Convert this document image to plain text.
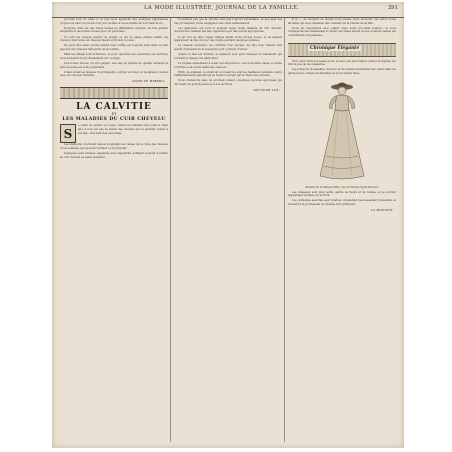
LA MODE ILLUSTRÉE, JOURNAL DE LA FAMILLE.	391

procède tout de suite à ce que nous appelons des quelques explications propres en effet ce qui est d'un jour de fête et de la toilette du soir dans la vie.

Toujours, bien sur des robes tenues de différentes couleurs, de très grande simplicité et des belles choses que l'on peut faire.

Ce sont les longues heures de plaisir, ce qui se passe chaque matin; les cheveux bien tenus en cheveux blancs et blonds le reste.

On peut dire aussi qu'une femme bien coiffée est toujours bien mise; le soin apporté aux cheveux fait partie de la toilette.

Mais les détails sont nombreux, et pour répondre aux questions des lectrices nous reviendrons prochainement sur ce sujet.

Une bonne brosse, un bon peigne, une eau de toilette de qualité suffisent le plus souvent aux soins quotidiens.

Il faut éviter les lavages trop fréquents, surtout en hiver, et ne jamais coucher avec les cheveux humides.

ANNE DE MIREBIL.
LA CALVITIE
ET
LES MALADIES DU CUIR CHEVELU
S

i, selon un auteur en vogue, toutes les femmes sont jolies à vingt ans, il n'en est pas de même des cheveux qui se perdent, même à cet âge, chez bien des personnes.

Les médecins cherchent depuis longtemps les causes de la chute des cheveux et les remèdes qui peuvent l'arrêter ou la prévenir.

Quelques soins simples, appliqués avec régularité, suffisent souvent à rendre au cuir chevelu sa santé première.

N'oublions pas que la calvitie n'est pas toujours héréditaire, et que bien des cas proviennent d'une négligence des soins élémentaires.

Les pellicules, qui sont le premier signe d'une maladie du cuir chevelu, doivent être traitées dès leur apparition par des lotions appropriées.

Il est bon de faire usage chaque matin d'une brosse douce, et de masser légèrement la tête du bout des doigts pendant quelques minutes.

La chaleur excessive, les coiffures trop serrées, les fers trop chauds sont autant d'ennemis de la chevelure qu'il convient d'éviter.

Quand le mal est déclaré, le médecin seul peut indiquer le traitement qui convient à chaque cas particulier.

Le régime alimentaire a aussi son importance; une nourriture saine et variée contribue à la bonne santé des cheveux.

Enfin, le sommeil, le grand air et l'exercice sont les meilleurs remèdes contre l'affaiblissement général qui se traduit souvent par la chute des cheveux.

Nous donnerons dans un prochain numéro quelques recettes éprouvées qui ont rendu de grands services à nos lectrices.

DOCTEUR LUX.

P. S. — Au moment de mettre sous presse, nous recevons une lettre d'une abonnée qui nous demande des conseils sur la toilette de sa fille.

Nous lui répondrons avec plaisir dans notre prochain numéro, et nous l'engageons dès maintenant à choisir des tissus légers et des couleurs claires qui conviennent à la jeunesse.

Chronique Élégante

Voici venir enfin les beaux jours, et avec eux les toilettes claires et légères qui font la joie de nos élégantes.

Les robes de mousseline, de linon et de batiste reprennent leur place dans les garde-robes, ornées de dentelles et de broderies fines.

Modèle de la Maison Félix, rue du Faubourg-St-Honoré.

Les chapeaux sont plus petits, garnis de fleurs et de rubans, et se portent légèrement inclinés sur le front.

Les ombrelles assorties aux toilettes complètent heureusement l'ensemble et donnent à la promenade un charme tout printanier.

LA MODISTE.
